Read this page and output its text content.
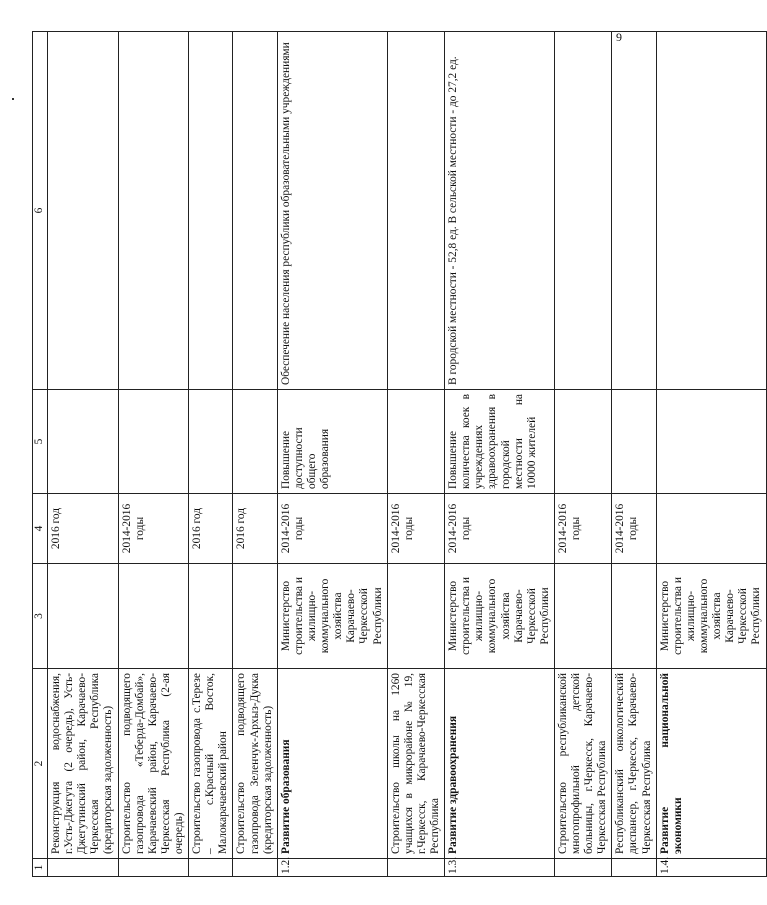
9
1	2	3	4	5	6
	Реконструкция водоснабжения, г.Усть-Джегута (2 очередь), Усть-Джегутинский район, Карачаево-Черкесская Республика (кредиторская задолженность)		2016 год		
	Строительство подводящего газопровода «Теберда-Домбай», Карачаевский район, Карачаево-Черкесская Республика (2-ая очередь)		2014-2016 годы		
	Строительство газопровода с.Терезе – с.Красный Восток, Малокарачаевский район		2016 год		
	Строительство подводящего газопровода Зеленчук-Архыз-Дукка (кредиторская задолженность)		2016 год		
1.2.	Развитие образования	Министерство строительства и жилищно-коммунального хозяйства Карачаево-Черкесской Республики	2014-2016 годы	Повышение доступности общего образования	Обеспечение населения республики образовательными учреждениями
	Строительство школы на 1260 учащихся в микрорайоне № 19, г.Черкесск, Карачаево-Черкесская Республика		2014-2016 годы		
1.3.	Развитие здравоохранения	Министерство строительства и жилищно-коммунального хозяйства Карачаево-Черкесской Республики	2014-2016 годы	Повышение количества коек в учреждениях здравоохранения в городской местности на 10000 жителей	В городской местности - 52,8 ед. В сельской местности - до 27,2 ед.
	Строительство республиканской многопрофильной детской больницы, г.Черкесск, Карачаево-Черкесская Республика		2014-2016 годы		
	Республиканский онкологический диспансер, г.Черкесск, Карачаево-Черкесская Республика		2014-2016 годы		
1.4.	Развитие национальной экономики	Министерство строительства и жилищно-коммунального хозяйства Карачаево-Черкесской Республики			
